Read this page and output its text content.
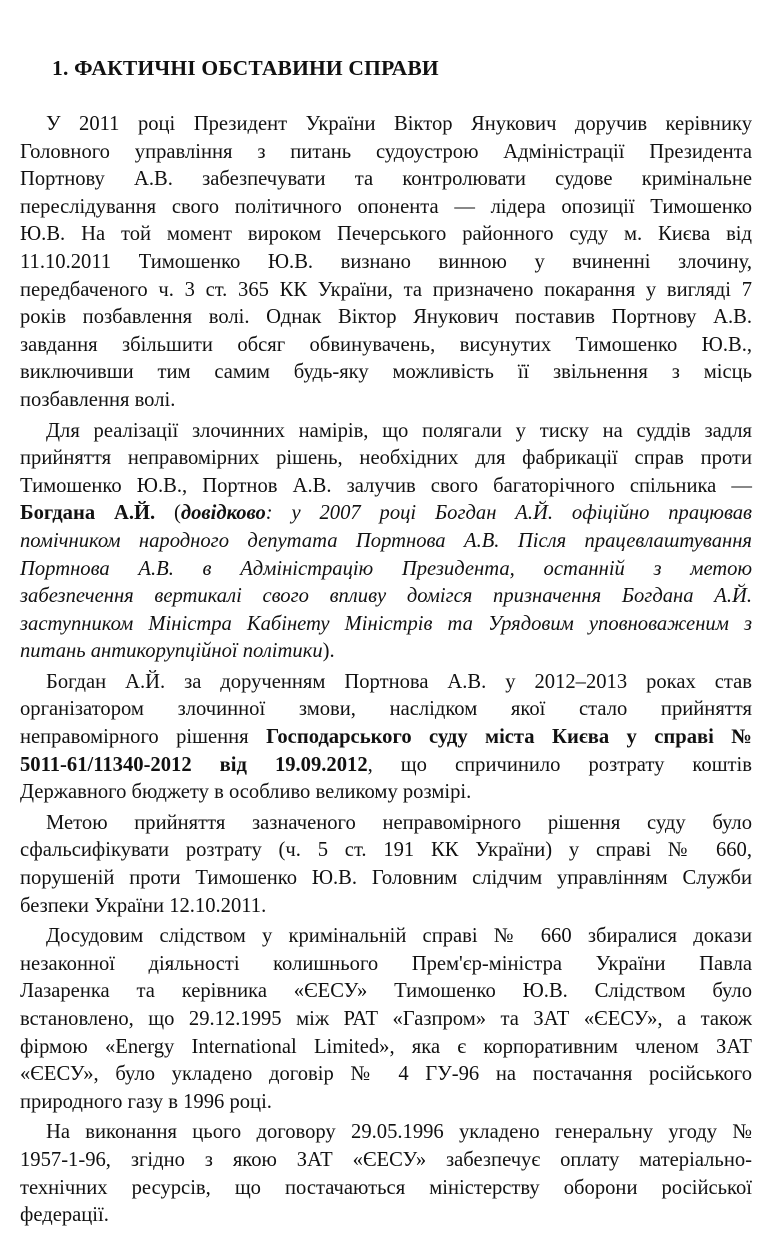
1. ФАКТИЧНІ ОБСТАВИНИ СПРАВИ
У 2011 році Президент України Віктор Янукович доручив керівнику
Головного управління з питань судоустрою Адміністрації Президента
Портнову А.В. забезпечувати та контролювати судове кримінальне
переслідування свого політичного опонента — лідера опозиції Тимошенко
Ю.В. На той момент вироком Печерського районного суду м. Києва від
11.10.2011 Тимошенко Ю.В. визнано винною у вчиненні злочину,
передбаченого ч. 3 ст. 365 КК України, та призначено покарання у вигляді 7
років позбавлення волі. Однак Віктор Янукович поставив Портнову А.В.
завдання збільшити обсяг обвинувачень, висунутих Тимошенко Ю.В.,
виключивши тим самим будь-яку можливість її звільнення з місць
позбавлення волі.
Для реалізації злочинних намірів, що полягали у тиску на суддів задля
прийняття неправомірних рішень, необхідних для фабрикації справ проти
Тимошенко Ю.В., Портнов А.В. залучив свого багаторічного спільника —
Богдана А.Й. (довідково: у 2007 році Богдан А.Й. офіційно працював
помічником народного депутата Портнова А.В. Після працевлаштування
Портнова А.В. в Адміністрацію Президента, останній з метою
забезпечення вертикалі свого впливу домігся призначення Богдана А.Й.
заступником Міністра Кабінету Міністрів та Урядовим уповноваженим з
питань антикорупційної політики).
Богдан А.Й. за дорученням Портнова А.В. у 2012–2013 роках став
організатором злочинної змови, наслідком якої стало прийняття
неправомірного рішення Господарського суду міста Києва у справі №
5011-61/11340-2012 від 19.09.2012, що спричинило розтрату коштів
Державного бюджету в особливо великому розмірі.
Метою прийняття зазначеного неправомірного рішення суду було
сфальсифікувати розтрату (ч. 5 ст. 191 КК України) у справі № 660,
порушеній проти Тимошенко Ю.В. Головним слідчим управлінням Служби
безпеки України 12.10.2011.
Досудовим слідством у кримінальній справі № 660 збиралися докази
незаконної діяльності колишнього Прем'єр-міністра України Павла
Лазаренка та керівника «ЄЕСУ» Тимошенко Ю.В. Слідством було
встановлено, що 29.12.1995 між РАТ «Газпром» та ЗАТ «ЄЕСУ», а також
фірмою «Energy International Limited», яка є корпоративним членом ЗАТ
«ЄЕСУ», було укладено договір № 4 ГУ-96 на постачання російського
природного газу в 1996 році.
На виконання цього договору 29.05.1996 укладено генеральну угоду №
1957-1-96, згідно з якою ЗАТ «ЄЕСУ» забезпечує оплату матеріально-
технічних ресурсів, що постачаються міністерству оборони російської
федерації.
